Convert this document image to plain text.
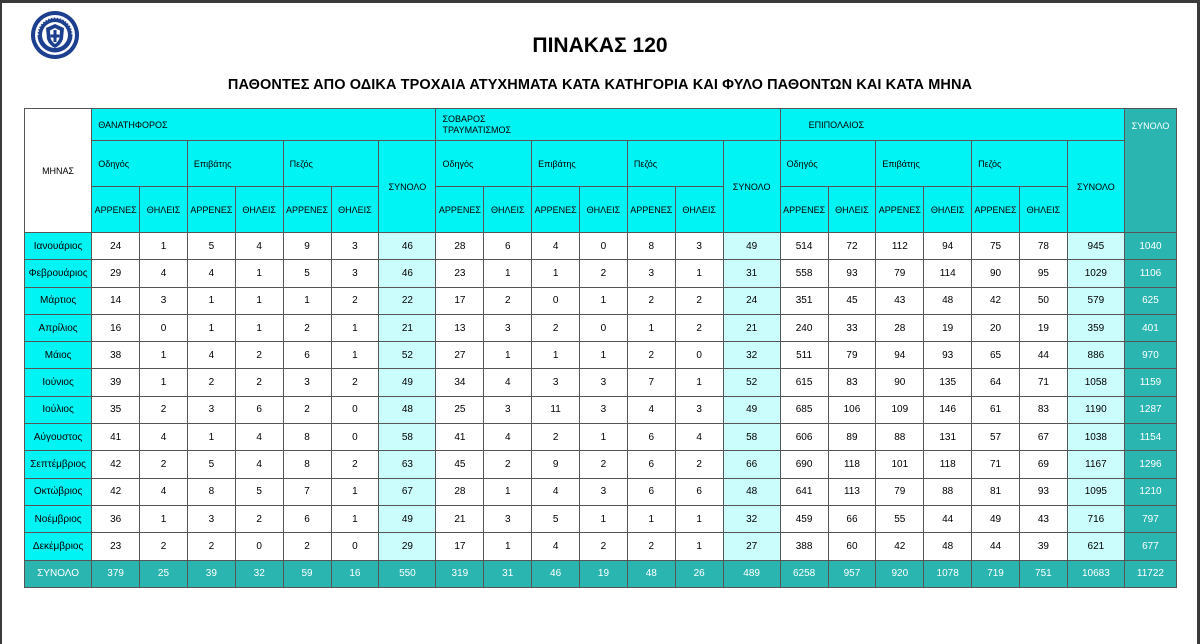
ΠΙΝΑΚΑΣ 120
ΠΑΘΟΝΤΕΣ ΑΠΟ ΟΔΙΚΑ ΤΡΟΧΑΙΑ ΑΤΥΧΗΜΑΤΑ ΚΑΤΑ ΚΑΤΗΓΟΡΙΑ ΚΑΙ ΦΥΛΟ ΠΑΘΟΝΤΩΝ ΚΑΙ ΚΑΤΑ ΜΗΝΑ
ΜΗΝΑΣ	ΘΑΝΑΤΗΦΟΡΟΣ							ΣΟΒΑΡΟΣ
ΤΡΑΥΜΑΤΙΣΜΟΣ							ΕΠΙΠΟΛΑΙΟΣ							ΣΥΝΟΛΟ
	Οδηγός		Επιβάτης		Πεζός		ΣΥΝΟΛΟ	Οδηγός		Επιβάτης		Πεζός		ΣΥΝΟΛΟ	Οδηγός		Επιβάτης		Πεζός		ΣΥΝΟΛΟ	
	ΑΡΡΕΝΕΣ	ΘΗΛΕΙΣ	ΑΡΡΕΝΕΣ	ΘΗΛΕΙΣ	ΑΡΡΕΝΕΣ	ΘΗΛΕΙΣ		ΑΡΡΕΝΕΣ	ΘΗΛΕΙΣ	ΑΡΡΕΝΕΣ	ΘΗΛΕΙΣ	ΑΡΡΕΝΕΣ	ΘΗΛΕΙΣ		ΑΡΡΕΝΕΣ	ΘΗΛΕΙΣ	ΑΡΡΕΝΕΣ	ΘΗΛΕΙΣ	ΑΡΡΕΝΕΣ	ΘΗΛΕΙΣ		
Ιανουάριος	24	1	5	4	9	3	46	28	6	4	0	8	3	49	514	72	112	94	75	78	945	1040
Φεβρουάριος	29	4	4	1	5	3	46	23	1	1	2	3	1	31	558	93	79	114	90	95	1029	1106
Μάρτιος	14	3	1	1	1	2	22	17	2	0	1	2	2	24	351	45	43	48	42	50	579	625
Απρίλιος	16	0	1	1	2	1	21	13	3	2	0	1	2	21	240	33	28	19	20	19	359	401
Μάιος	38	1	4	2	6	1	52	27	1	1	1	2	0	32	511	79	94	93	65	44	886	970
Ιούνιος	39	1	2	2	3	2	49	34	4	3	3	7	1	52	615	83	90	135	64	71	1058	1159
Ιούλιος	35	2	3	6	2	0	48	25	3	11	3	4	3	49	685	106	109	146	61	83	1190	1287
Αύγουστος	41	4	1	4	8	0	58	41	4	2	1	6	4	58	606	89	88	131	57	67	1038	1154
Σεπτέμβριος	42	2	5	4	8	2	63	45	2	9	2	6	2	66	690	118	101	118	71	69	1167	1296
Οκτώβριος	42	4	8	5	7	1	67	28	1	4	3	6	6	48	641	113	79	88	81	93	1095	1210
Νοέμβριος	36	1	3	2	6	1	49	21	3	5	1	1	1	32	459	66	55	44	49	43	716	797
Δεκέμβριος	23	2	2	0	2	0	29	17	1	4	2	2	1	27	388	60	42	48	44	39	621	677
ΣΥΝΟΛΟ	379	25	39	32	59	16	550	319	31	46	19	48	26	489	6258	957	920	1078	719	751	10683	11722
